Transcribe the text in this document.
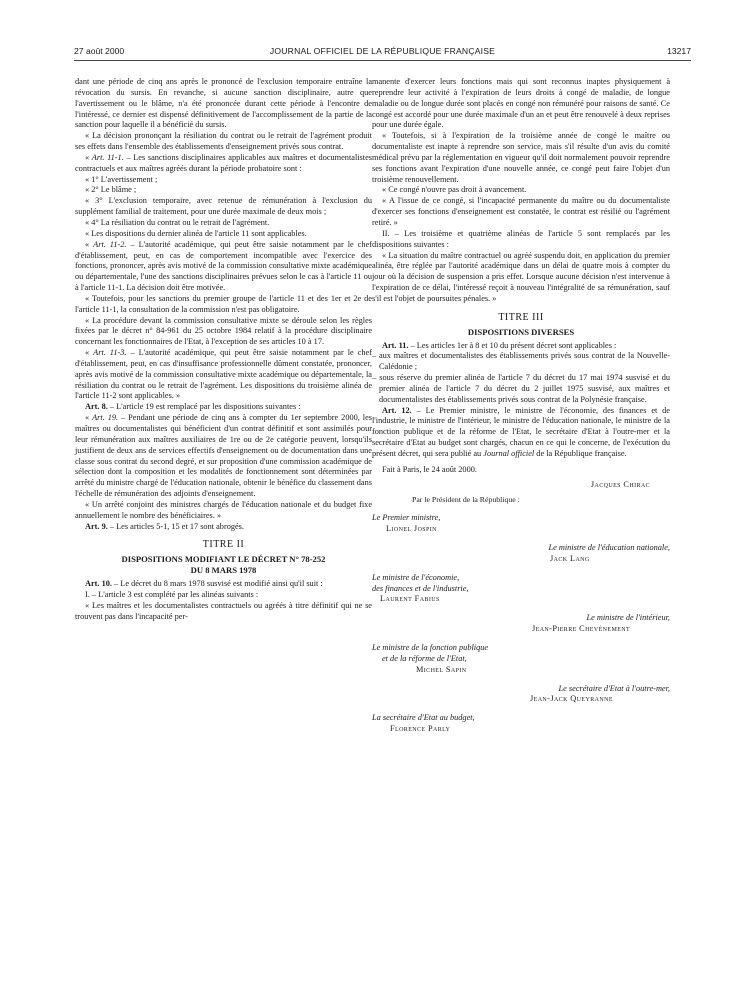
27 août 2000	JOURNAL OFFICIEL DE LA RÉPUBLIQUE FRANÇAISE	13217

dant une période de cinq ans après le prononcé de l'exclusion temporaire entraîne la révocation du sursis. En revanche, si aucune sanction disciplinaire, autre que l'avertissement ou le blâme, n'a été prononcée durant cette période à l'encontre de l'intéressé, ce dernier est dispensé définitivement de l'accomplissement de la partie de la sanction pour laquelle il a bénéficié du sursis.

« La décision prononçant la résiliation du contrat ou le retrait de l'agrément produit ses effets dans l'ensemble des établissements d'enseignement privés sous contrat.

« Art. 11-1. – Les sanctions disciplinaires applicables aux maîtres et documentalistes contractuels et aux maîtres agréés durant la période probatoire sont :

« 1° L'avertissement ;

« 2° Le blâme ;

« 3° L'exclusion temporaire, avec retenue de rémunération à l'exclusion du supplément familial de traitement, pour une durée maximale de deux mois ;

« 4° La résiliation du contrat ou le retrait de l'agrément.

« Les dispositions du dernier alinéa de l'article 11 sont applicables.

« Art. 11-2. – L'autorité académique, qui peut être saisie notamment par le chef d'établissement, peut, en cas de comportement incompatible avec l'exercice des fonctions, prononcer, après avis motivé de la commission consultative mixte académique ou départementale, l'une des sanctions disciplinaires prévues selon le cas à l'article 11 ou à l'article 11-1. La décision doit être motivée.

« Toutefois, pour les sanctions du premier groupe de l'article 11 et des 1er et 2e de l'article 11-1, la consultation de la commission n'est pas obligatoire.

« La procédure devant la commission consultative mixte se déroule selon les règles fixées par le décret n° 84-961 du 25 octobre 1984 relatif à la procédure disciplinaire concernant les fonctionnaires de l'Etat, à l'exception de ses articles 10 à 17.

« Art. 11-3. – L'autorité académique, qui peut être saisie notamment par le chef d'établissement, peut, en cas d'insuffisance professionnelle dûment constatée, prononcer, après avis motivé de la commission consultative mixte académique ou départementale, la résiliation du contrat ou le retrait de l'agrément. Les dispositions du troisième alinéa de l'article 11-2 sont applicables. »

Art. 8. – L'article 19 est remplacé par les dispositions suivantes :

« Art. 19. – Pendant une période de cinq ans à compter du 1er septembre 2000, les maîtres ou documentalistes qui bénéficient d'un contrat définitif et sont assimilés pour leur rémunération aux maîtres auxiliaires de 1re ou de 2e catégorie peuvent, lorsqu'ils justifient de deux ans de services effectifs d'enseignement ou de documentation dans une classe sous contrat du second degré, et sur proposition d'une commission académique de sélection dont la composition et les modalités de fonctionnement sont déterminées par arrêté du ministre chargé de l'éducation nationale, obtenir le bénéfice du classement dans l'échelle de rémunération des adjoints d'enseignement.

« Un arrêté conjoint des ministres chargés de l'éducation nationale et du budget fixe annuellement le nombre des bénéficiaires. »

Art. 9. – Les articles 5-1, 15 et 17 sont abrogés.

TITRE II
DISPOSITIONS MODIFIANT LE DÉCRET N° 78-252
DU 8 MARS 1978

Art. 10. – Le décret du 8 mars 1978 susvisé est modifié ainsi qu'il suit :

I. – L'article 3 est complété par les alinéas suivants :

« Les maîtres et les documentalistes contractuels ou agréés à titre définitif qui ne se trouvent pas dans l'incapacité per-

manente d'exercer leurs fonctions mais qui sont reconnus inaptes physiquement à reprendre leur activité à l'expiration de leurs droits à congé de maladie, de longue maladie ou de longue durée sont placés en congé non rémunéré pour raisons de santé. Ce congé est accordé pour une durée maximale d'un an et peut être renouvelé à deux reprises pour une durée égale.

« Toutefois, si à l'expiration de la troisième année de congé le maître ou documentaliste est inapte à reprendre son service, mais s'il résulte d'un avis du comité médical prévu par la réglementation en vigueur qu'il doit normalement pouvoir reprendre ses fonctions avant l'expiration d'une nouvelle année, ce congé peut faire l'objet d'un troisième renouvellement.

« Ce congé n'ouvre pas droit à avancement.

« A l'issue de ce congé, si l'incapacité permanente du maître ou du documentaliste d'exercer ses fonctions d'enseignement est constatée, le contrat est résilié ou l'agrément retiré. »

II. – Les troisième et quatrième alinéas de l'article 5 sont remplacés par les dispositions suivantes :

« La situation du maître contractuel ou agréé suspendu doit, en application du premier alinéa, être réglée par l'autorité académique dans un délai de quatre mois à compter du jour où la décision de suspension a pris effet. Lorsque aucune décision n'est intervenue à l'expiration de ce délai, l'intéressé reçoit à nouveau l'intégralité de sa rémunération, sauf s'il est l'objet de poursuites pénales. »

TITRE III
DISPOSITIONS DIVERSES

Art. 11. – Les articles 1er à 8 et 10 du présent décret sont applicables :

– aux maîtres et documentalistes des établissements privés sous contrat de la Nouvelle-Calédonie ;

– sous réserve du premier alinéa de l'article 7 du décret du 17 mai 1974 susvisé et du premier alinéa de l'article 7 du décret du 2 juillet 1975 susvisé, aux maîtres et documentalistes des établissements privés sous contrat de la Polynésie française.

Art. 12. – Le Premier ministre, le ministre de l'économie, des finances et de l'industrie, le ministre de l'intérieur, le ministre de l'éducation nationale, le ministre de la fonction publique et de la réforme de l'Etat, le secrétaire d'Etat à l'outre-mer et la secrétaire d'Etat au budget sont chargés, chacun en ce qui le concerne, de l'exécution du présent décret, qui sera publié au Journal officiel de la République française.

Fait à Paris, le 24 août 2000.

Jacques Chirac

Par le Président de la République :

Le Premier ministre,

Lionel Jospin

Le ministre de l'éducation nationale,

Jack Lang

Le ministre de l'économie,

des finances et de l'industrie,

Laurent Fabius

Le ministre de l'intérieur,

Jean-Pierre Chevènement

Le ministre de la fonction publique

et de la réforme de l'Etat,

Michel Sapin

Le secrétaire d'Etat à l'outre-mer,

Jean-Jack Queyranne

La secrétaire d'Etat au budget,

Florence Parly
